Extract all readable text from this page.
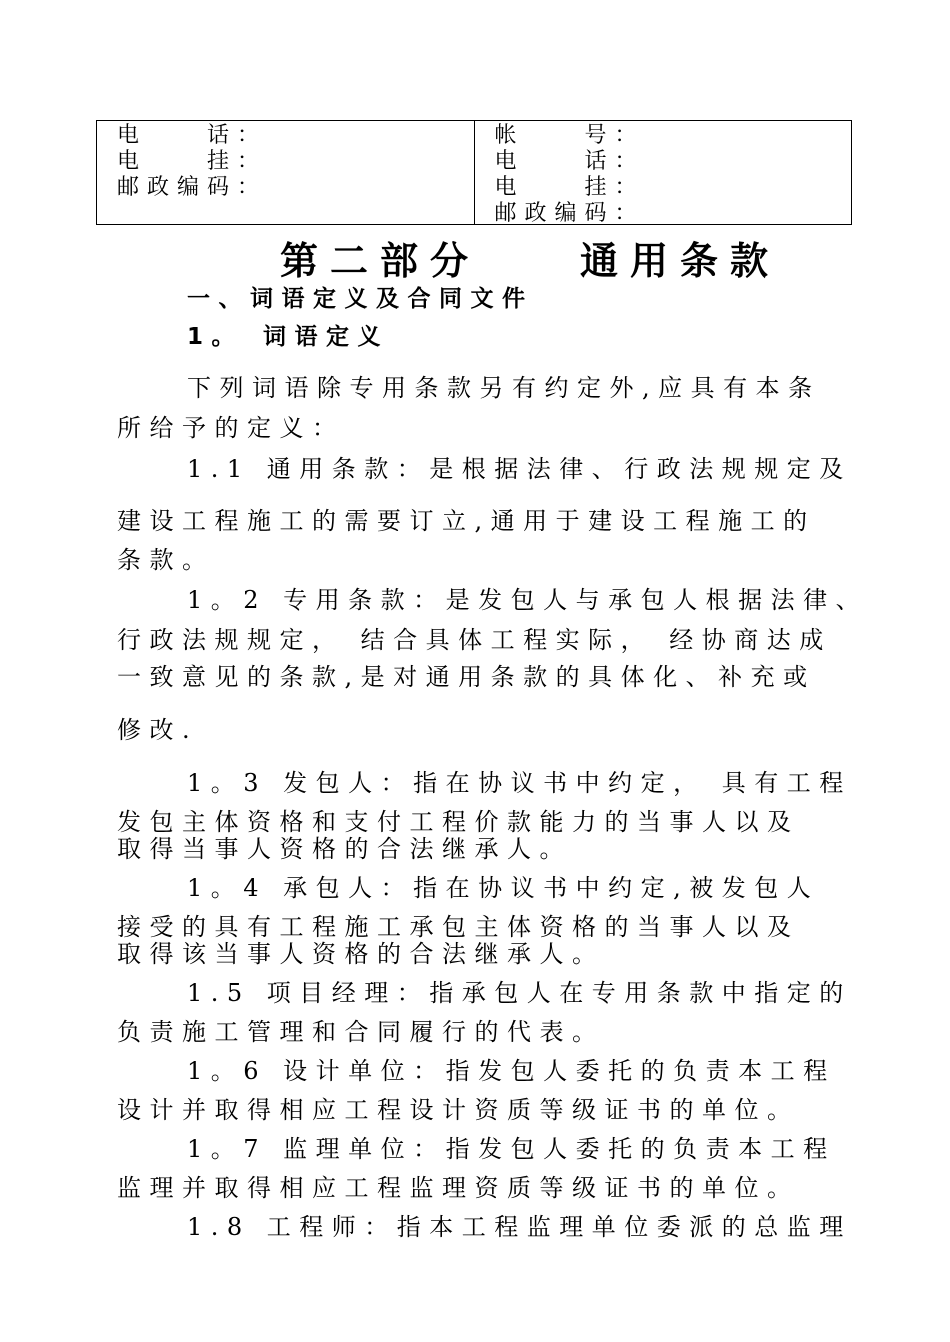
电　　话：
电　　挂：
邮政编码：
帐　　号：
电　　话：
电　　挂：
邮政编码：
第二部分　　通用条款
一、词语定义及合同文件
1。　词语定义
下列词语除专用条款另有约定外,应具有本条
所给予的定义：
1.1 通用条款：是根据法律、行政法规规定及
建设工程施工的需要订立,通用于建设工程施工的
条款。
1。2 专用条款：是发包人与承包人根据法律、
行政法规规定， 结合具体工程实际， 经协商达成
一致意见的条款,是对通用条款的具体化、补充或
修改.
1。3 发包人：指在协议书中约定， 具有工程
发包主体资格和支付工程价款能力的当事人以及
取得当事人资格的合法继承人。
1。4 承包人：指在协议书中约定,被发包人
接受的具有工程施工承包主体资格的当事人以及
取得该当事人资格的合法继承人。
1.5 项目经理：指承包人在专用条款中指定的
负责施工管理和合同履行的代表。
1。6 设计单位：指发包人委托的负责本工程
设计并取得相应工程设计资质等级证书的单位。
1。7 监理单位：指发包人委托的负责本工程
监理并取得相应工程监理资质等级证书的单位。
1.8 工程师：指本工程监理单位委派的总监理
